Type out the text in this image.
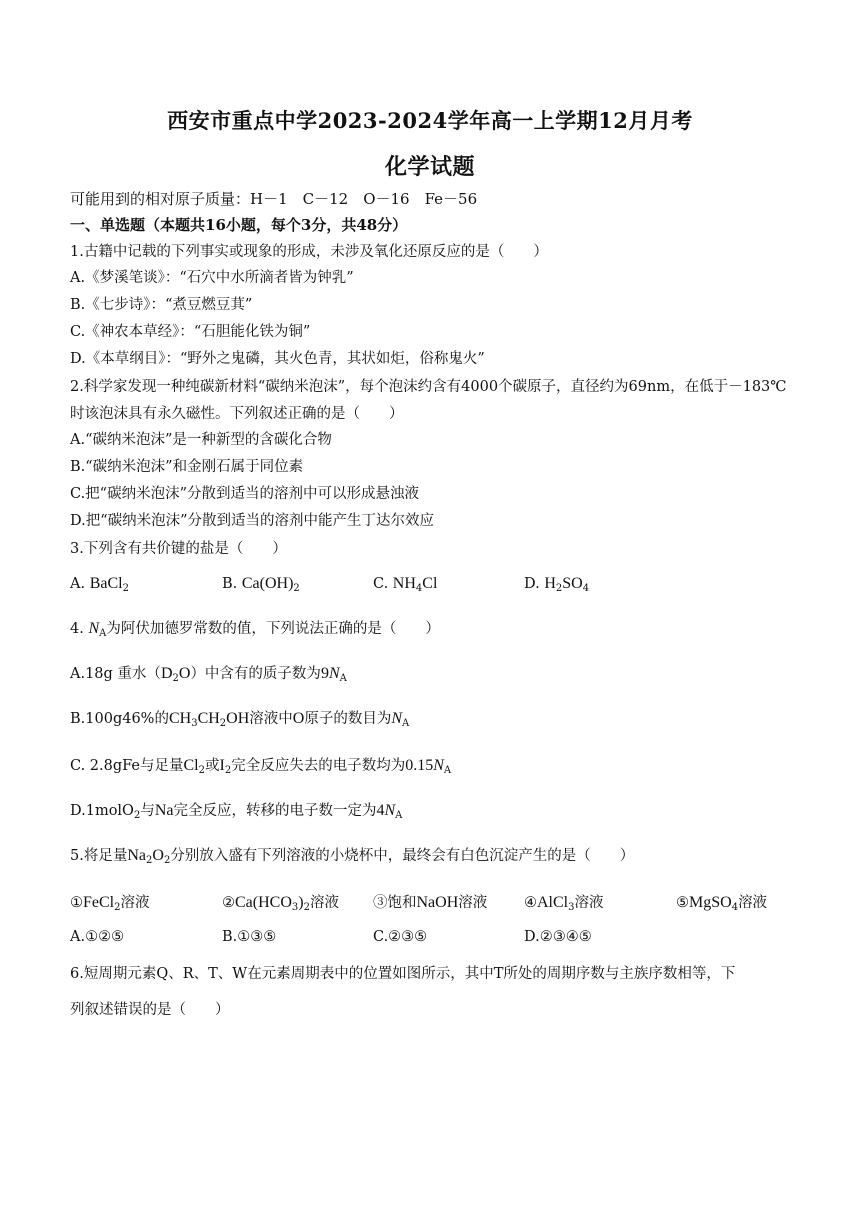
西安市重点中学2023-2024学年高一上学期12月月考
化学试题
可能用到的相对原子质量：H－1　C－12　O－16　Fe－56
一、单选题（本题共16小题，每个3分，共48分）
1.古籍中记载的下列事实或现象的形成，未涉及氧化还原反应的是（　　）
A.《梦溪笔谈》：“石穴中水所滴者皆为钟乳”
B.《七步诗》：“煮豆燃豆萁”
C.《神农本草经》：“石胆能化铁为铜”
D.《本草纲目》：“野外之鬼磷，其火色青，其状如炬，俗称鬼火”
2.科学家发现一种纯碳新材料“碳纳米泡沫”，每个泡沫约含有4000个碳原子，直径约为69nm，在低于－183℃
时该泡沫具有永久磁性。下列叙述正确的是（　　）
A.“碳纳米泡沫”是一种新型的含碳化合物
B.“碳纳米泡沫”和金刚石属于同位素
C.把“碳纳米泡沫”分散到适当的溶剂中可以形成悬浊液
D.把“碳纳米泡沫”分散到适当的溶剂中能产生丁达尔效应
3.下列含有共价键的盐是（　　）
A. BaCl$_2$	B. $Ca(OH)_2$	C. $NH_4Cl$	D. $H_2SO_4$
4. $N_A$为阿伏加德罗常数的值，下列说法正确的是（　　）
A.18g 重水$(D_2O)$中含有的质子数为$9N_A$
B.100g46%的$CH_3CH_2OH$溶液中O原子的数目为$N_A$
C. 2.8gFe与足量$Cl_2$或$I_2$完全反应失去的电子数均为$0.15N_A$
D.1molO$_2$与Na完全反应，转移的电子数一定为$4N_A$
5.将足量$Na_2O_2$分别放入盛有下列溶液的小烧杯中，最终会有白色沉淀产生的是（　　）
①FeCl$_2$溶液	$②Ca(HCO_3)_2$溶液 ③饱和NaOH溶液	④AlCl$_3$溶液	⑤MgSO$_4$溶液
A.①②⑤	B.①③⑤	C.②③⑤	D.②③④⑤
6.短周期元素Q、R、T、W在元素周期表中的位置如图所示，其中T所处的周期序数与主族序数相等，下
列叙述错误的是（　　）
